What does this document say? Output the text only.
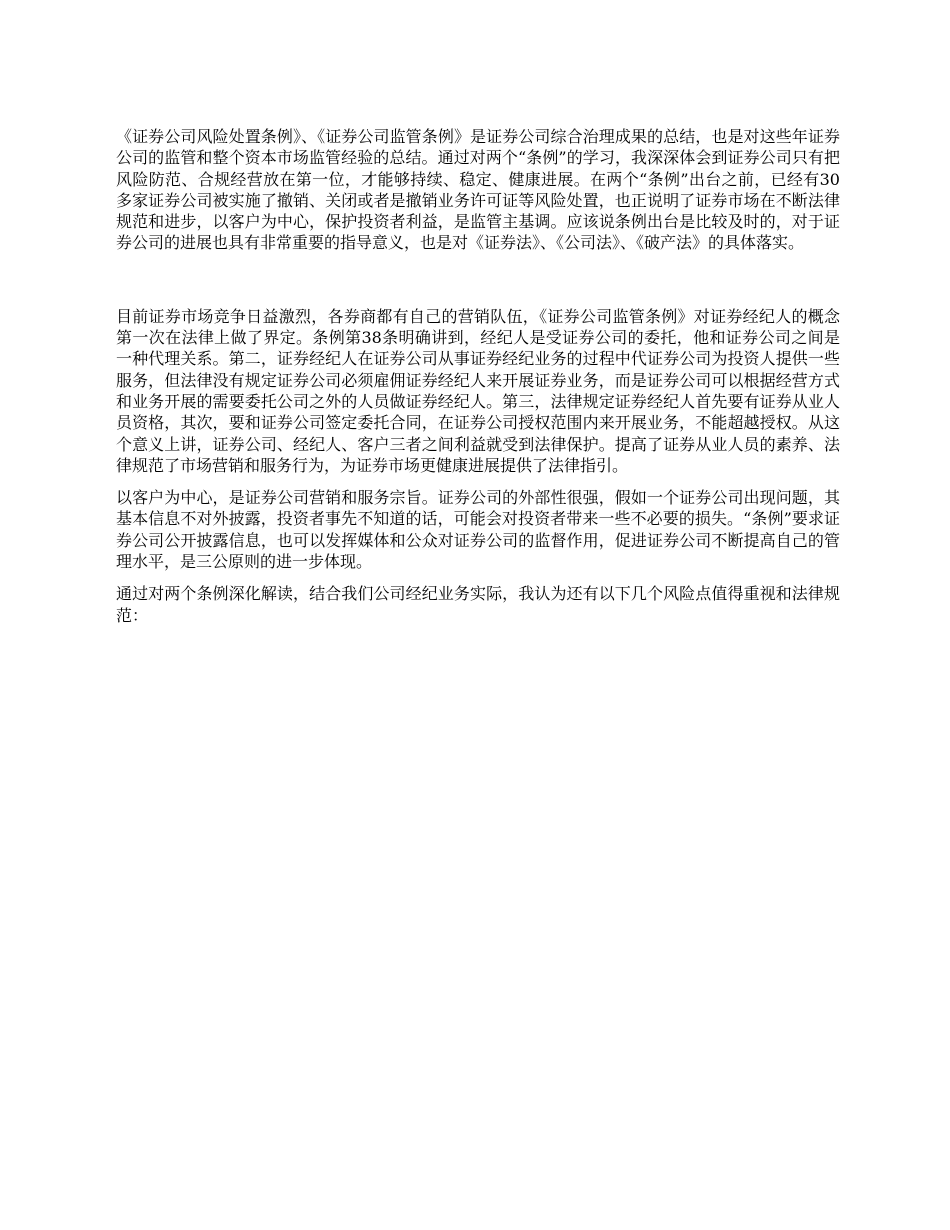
《证券公司风险处置条例》、《证券公司监管条例》是证券公司综合治理成果的总结，也是对这些年证券公司的监管和整个资本市场监管经验的总结。通过对两个“条例”的学习，我深深体会到证券公司只有把风险防范、合规经营放在第一位，才能够持续、稳定、健康进展。在两个“条例”出台之前，已经有30多家证券公司被实施了撤销、关闭或者是撤销业务许可证等风险处置，也正说明了证券市场在不断法律规范和进步，以客户为中心，保护投资者利益，是监管主基调。应该说条例出台是比较及时的，对于证券公司的进展也具有非常重要的指导意义，也是对《证券法》、《公司法》、《破产法》的具体落实。

目前证券市场竞争日益激烈，各券商都有自己的营销队伍，《证券公司监管条例》对证券经纪人的概念第一次在法律上做了界定。条例第38条明确讲到，经纪人是受证券公司的委托，他和证券公司之间是一种代理关系。第二，证券经纪人在证券公司从事证券经纪业务的过程中代证券公司为投资人提供一些服务，但法律没有规定证券公司必须雇佣证券经纪人来开展证券业务，而是证券公司可以根据经营方式和业务开展的需要委托公司之外的人员做证券经纪人。第三，法律规定证券经纪人首先要有证券从业人员资格，其次，要和证券公司签定委托合同，在证券公司授权范围内来开展业务，不能超越授权。从这个意义上讲，证券公司、经纪人、客户三者之间利益就受到法律保护。提高了证券从业人员的素养、法律规范了市场营销和服务行为，为证券市场更健康进展提供了法律指引。

以客户为中心，是证券公司营销和服务宗旨。证券公司的外部性很强，假如一个证券公司出现问题，其基本信息不对外披露，投资者事先不知道的话，可能会对投资者带来一些不必要的损失。“条例”要求证券公司公开披露信息，也可以发挥媒体和公众对证券公司的监督作用，促进证券公司不断提高自己的管理水平，是三公原则的进一步体现。

通过对两个条例深化解读，结合我们公司经纪业务实际，我认为还有以下几个风险点值得重视和法律规范：
